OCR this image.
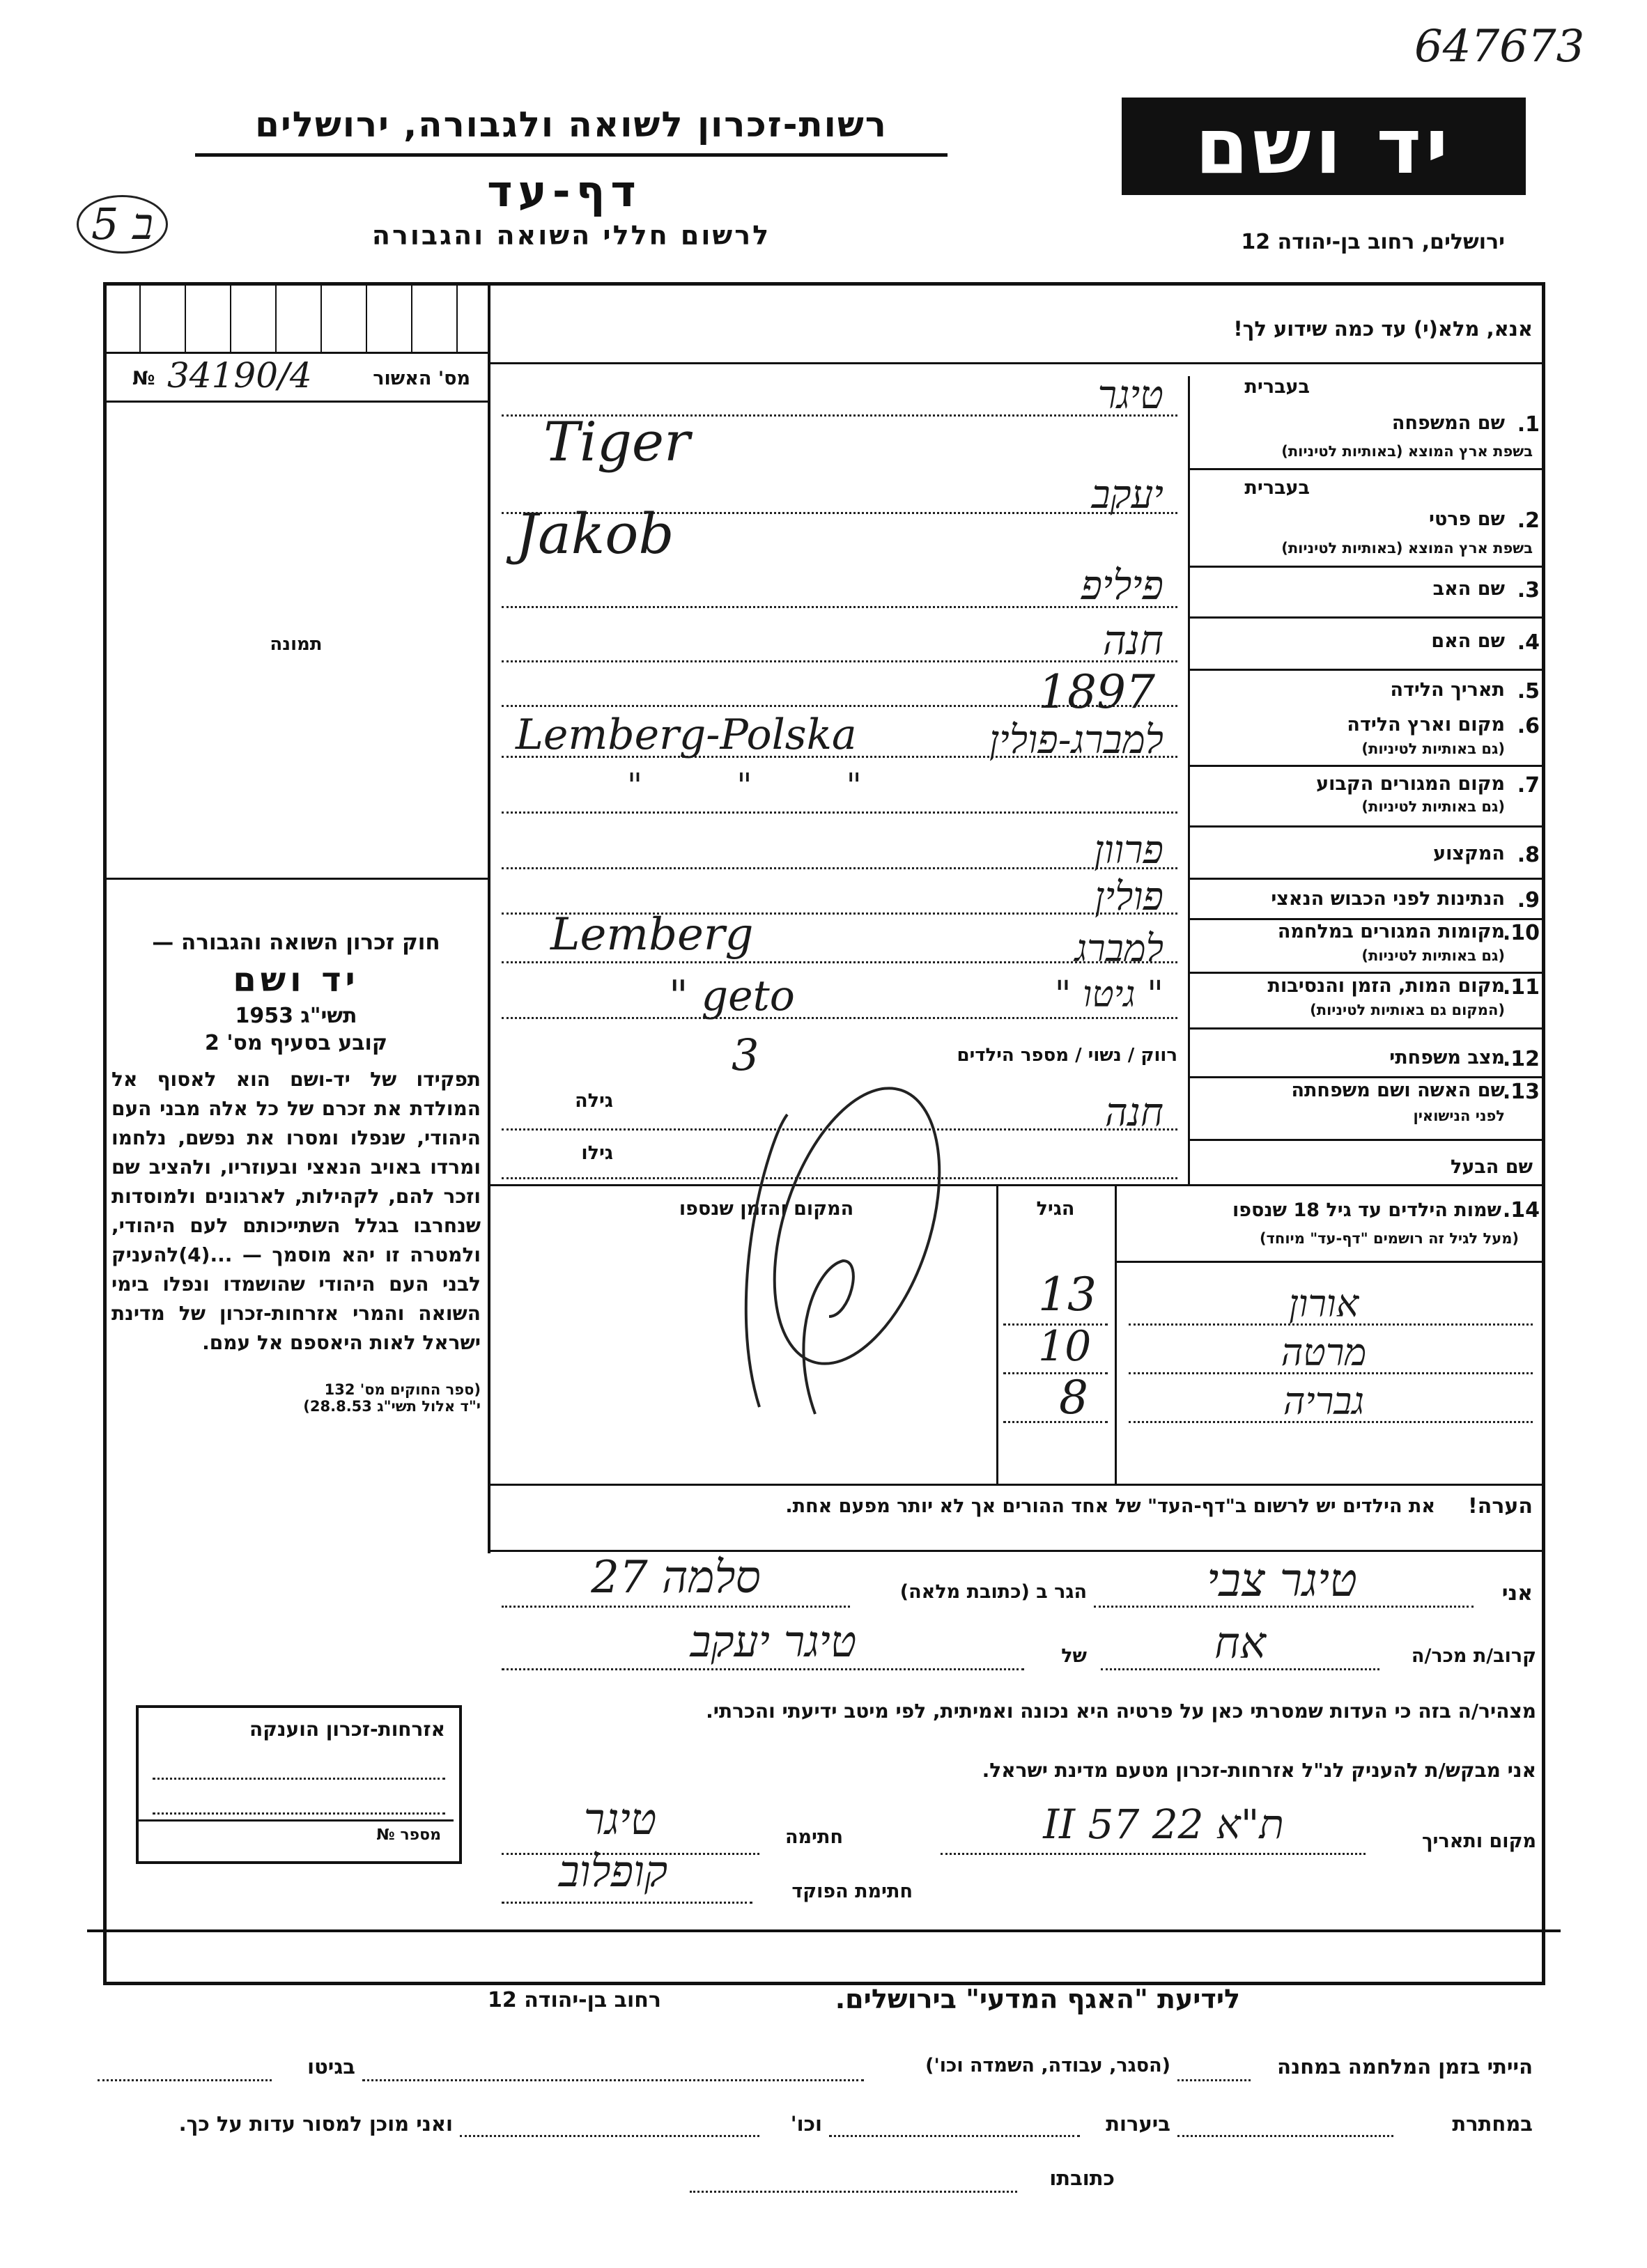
647673
ב 5
רשות-זכרון לשואה ולגבורה, ירושלים
דף-עד
לרשום חללי השואה והגבורה
יד ושם
ירושלים, רחוב בן-יהודה 12
מס' האשור
34190/4
№
תמונה
חוק זכרון השואה והגבורה —
יד ושם
תשי"ג 1953
קובע בסעיף מס' 2
תפקידו של יד-ושם הוא לאסוף אל המולדת את זכרם של כל אלה מבני העם היהודי, שנפלו ומסרו את נפשם, נלחמו ומרדו באויב הנאצי ובעוזריו, ולהציב שם וזכר להם, לקהילות, לארגונים ולמוסדות שנחרבו בגלל השתייכותם לעם היהודי, ולמטרה זו יהא מוסמך — ...(4)להעניק לבני העם היהודי שהושמדו ונפלו בימי השואה והמרי אזרחות-זכרון של מדינת ישראל לאות היאספם אל עמם.
(ספר החוקים מס' 132
י"ד אלול תשי"ג 28.8.53)
אזרחות-זכרון הוענקה
מספר №
אנא, מלא(י) עד כמה שידוע לך!
בעברית
1.
שם המשפחה
בשפת ארץ המוצא (באותיות לטיניות)
טיגר
Tiger
בעברית
2.
שם פרטי
בשפת ארץ המוצא (באותיות לטיניות)
יעקב
Jakob
3.
שם האב
פיליפ
4.
שם האם
חנה
5.
תאריך הלידה
1897
6.
מקום וארץ הלידה
(גם באותיות לטיניות)
למברג-פולין
Lemberg-Polska
7.
מקום המגורים הקבוע
(גם באותיות לטיניות)
" " "
8.
המקצוע
פרוון
9.
הנתינות לפני הכבוש הנאצי
פולין
10.
מקומות המגורים במלחמה
(גם באותיות לטיניות)
למברג
Lemberg
11.
מקום המות, הזמן והנסיבות
(המקום גם באותיות לטיניות)
" גיטו "
" geto
12.
מצב משפחתי
רווק / נשוי / מספר הילדים
3
13.
שם האשה ושם משפחתה
לפני הנישואין
גילה	חנה
שם הבעל
גילו
14.
שמות הילדים עד גיל 18 שנספו
(מעל לגיל זה רושמים "דף-עד" מיוחד)
הגיל
המקום והזמן שנספו
אורון
13
מרטה
10
גבריה
8
הערה!
את הילדים יש לרשום ב"דף-העד" של אחד ההורים אך לא יותר מפעם אחת.
אני
טיגר צבי
הגר ב (כתובת מלאה)
סלמה 27
קרוב/ת מכר/ה
אח
של
טיגר יעקב
מצהיר/ה בזה כי העדות שמסרתי כאן על פרטיה היא נכונה ואמיתית, לפי מיטב ידיעתי והכרתי.
אני מבקש/ת להעניק לנ"ל אזרחות-זכרון מטעם מדינת ישראל.
מקום ותאריך
ת"א 22 II 57
חתימה
טיגר
חתימת הפוקד
קופלוב
לידיעת "האגף המדעי" בירושלים.
רחוב בן-יהודה 12
הייתי בזמן המלחמה במחנה
(הסגר, עבודה, השמדה וכו')
בגיטו
במחתרת
ביערות
וכו'
ואני מוכן למסור עדות על כך.
כתובתו
